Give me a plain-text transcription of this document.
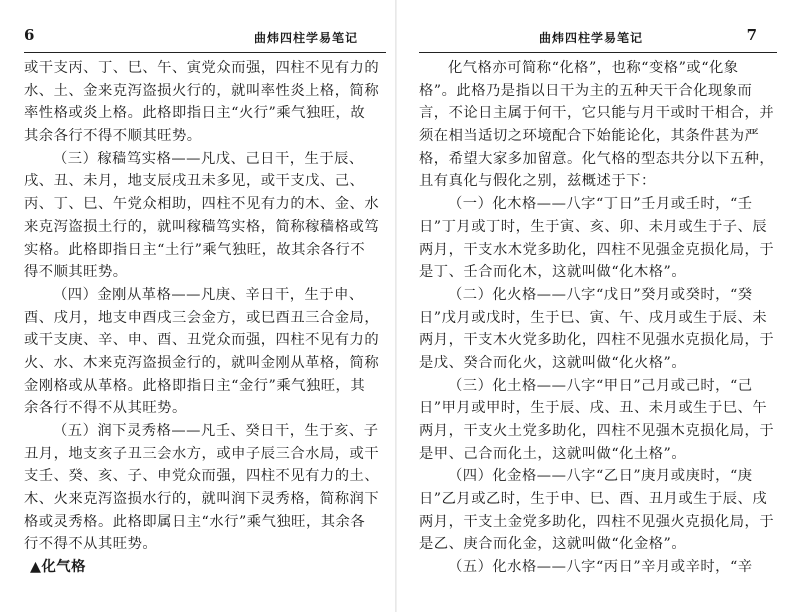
6	曲炜四柱学易笔记
或干支丙、丁、巳、午、寅党众而强，四柱不见有力的
水、土、金来克泻盗损火行的，就叫率性炎上格，简称
率性格或炎上格。此格即指日主“火行”乘气独旺，故
其余各行不得不顺其旺势。
（三）稼穑笃实格——凡戊、己日干，生于辰、
戌、丑、未月，地支辰戌丑未多见，或干支戊、己、
丙、丁、巳、午党众相助，四柱不见有力的木、金、水
来克泻盗损土行的，就叫稼穑笃实格，简称稼穑格或笃
实格。此格即指日主“土行”乘气独旺，故其余各行不
得不顺其旺势。
（四）金刚从革格——凡庚、辛日干，生于申、
酉、戌月，地支申酉戌三会金方，或巳酉丑三合金局，
或干支庚、辛、申、酉、丑党众而强，四柱不见有力的
火、水、木来克泻盗损金行的，就叫金刚从革格，简称
金刚格或从革格。此格即指日主“金行”乘气独旺，其
余各行不得不从其旺势。
（五）润下灵秀格——凡壬、癸日干，生于亥、子
丑月，地支亥子丑三会水方，或申子辰三合水局，或干
支壬、癸、亥、子、申党众而强，四柱不见有力的土、
木、火来克泻盗损水行的，就叫润下灵秀格，简称润下
格或灵秀格。此格即属日主“水行”乘气独旺，其余各
行不得不从其旺势。
▲化气格
曲炜四柱学易笔记	7
化气格亦可简称“化格”，也称“变格”或“化象
格”。此格乃是指以日干为主的五种天干合化现象而
言，不论日主属于何干，它只能与月干或时干相合，并
须在相当适切之环境配合下始能论化，其条件甚为严
格，希望大家多加留意。化气格的型态共分以下五种，
且有真化与假化之别，兹概述于下：
（一）化木格——八字“丁日”壬月或壬时，“壬
日”丁月或丁时，生于寅、亥、卯、未月或生于子、辰
两月，干支水木党多助化，四柱不见强金克损化局，于
是丁、壬合而化木，这就叫做“化木格”。
（二）化火格——八字“戊日”癸月或癸时，“癸
日”戊月或戊时，生于巳、寅、午、戌月或生于辰、未
两月，干支木火党多助化，四柱不见强水克损化局，于
是戊、癸合而化火，这就叫做“化火格”。
（三）化土格——八字“甲日”己月或己时，“己
日”甲月或甲时，生于辰、戌、丑、未月或生于巳、午
两月，干支火土党多助化，四柱不见强木克损化局，于
是甲、己合而化土，这就叫做“化土格”。
（四）化金格——八字“乙日”庚月或庚时，“庚
日”乙月或乙时，生于申、巳、酉、丑月或生于辰、戌
两月，干支土金党多助化，四柱不见强火克损化局，于
是乙、庚合而化金，这就叫做“化金格”。
（五）化水格——八字“丙日”辛月或辛时，“辛
